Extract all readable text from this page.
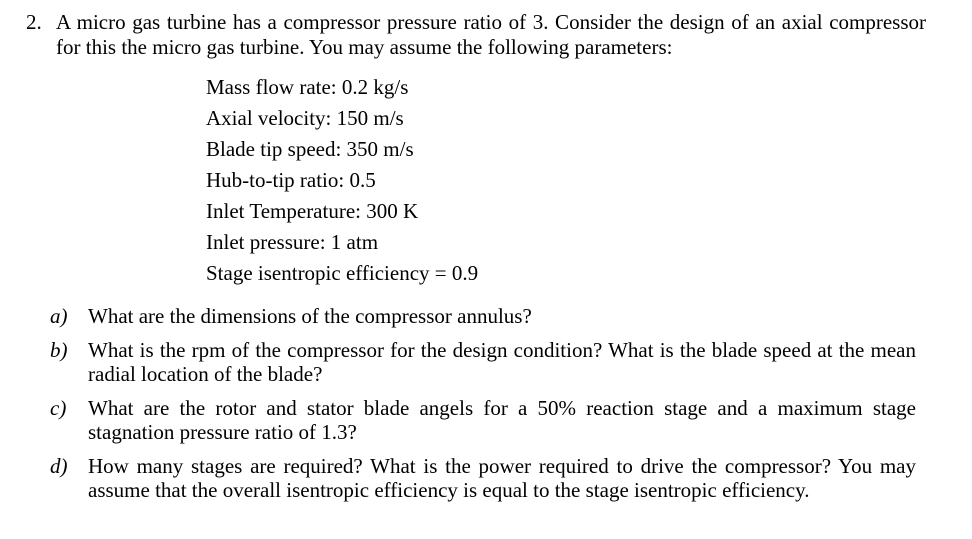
2. A micro gas turbine has a compressor pressure ratio of 3. Consider the design of an axial compressor for this the micro gas turbine. You may assume the following parameters:
Mass flow rate: 0.2 kg/s
Axial velocity: 150 m/s
Blade tip speed: 350 m/s
Hub-to-tip ratio: 0.5
Inlet Temperature: 300 K
Inlet pressure: 1 atm
Stage isentropic efficiency = 0.9
a) What are the dimensions of the compressor annulus?
b) What is the rpm of the compressor for the design condition? What is the blade speed at the mean radial location of the blade?
c) What are the rotor and stator blade angels for a 50% reaction stage and a maximum stage stagnation pressure ratio of 1.3?
d) How many stages are required? What is the power required to drive the compressor? You may assume that the overall isentropic efficiency is equal to the stage isentropic efficiency.
